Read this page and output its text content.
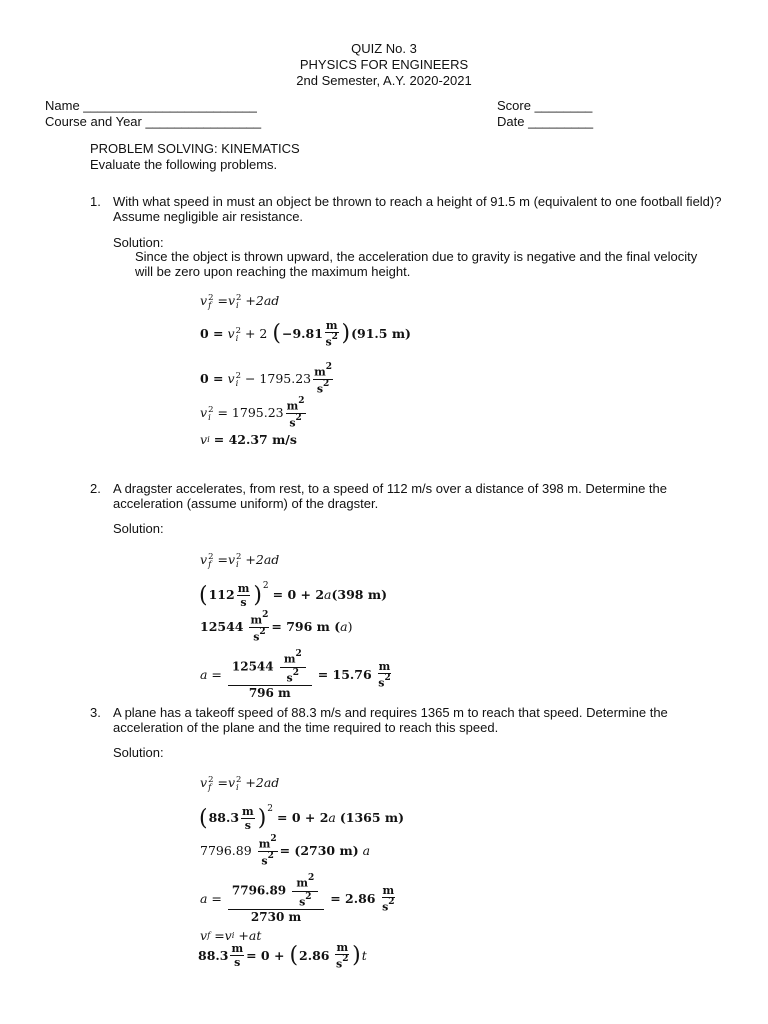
QUIZ No. 3
PHYSICS FOR ENGINEERS
2nd Semester, A.Y. 2020-2021
Name ________________________
Course and Year ________________
Score ________
Date _________
PROBLEM SOLVING: KINEMATICS
Evaluate the following problems.
1. With what speed in must an object be thrown to reach a height of 91.5 m (equivalent to one football field)? Assume negligible air resistance.
Solution:
Since the object is thrown upward, the acceleration due to gravity is negative and the final velocity will be zero upon reaching the maximum height.
v 2
f = v 2
i + 2ad
0 =
v 2
i
+ 2
( $-9.81 \frac{m}{s^2}$ ) (91.5 m)
0 =
v 2
i
− $1795.23 \frac{m^2}{s^2}$
v 2
i
= $1795.23 \frac{m^2}{s^2}$
v i
= 42.37 m/s
2. A dragster accelerates, from rest, to a speed of 112 m/s over a distance of 398 m. Determine the acceleration (assume uniform) of the dragster.
Solution:
v 2
f = v 2
i + 2ad
( $112 \frac{m}{s}$ ) 2

= 0 + 2 a (398 m)
12544
$\frac{m^2}{s^2} = 796$ m ( a )
$a = \frac{12544 \frac{m^2}{s^2}}{796 m}$
= 15.76
$\frac{m}{s^2}$
3. A plane has a takeoff speed of 88.3 m/s and requires 1365 m to reach that speed. Determine the acceleration of the plane and the time required to reach this speed.
Solution:
v 2
f = v 2
i + 2ad
( $88.3 \frac{m}{s}$ ) 2

= 0 + 2 a
(1365 m)
7796.89
$\frac{m^2}{s^2} = (2730$ m)
a
$a = \frac{7796.89 \frac{m^2}{s^2}}{2730 m}$
= 2.86
$\frac{m}{s^2}$
v f = v i + at
$88.3 \frac{m}{s} = 0$ +
( 2.86
$\frac{m}{s^2}$ ) t
